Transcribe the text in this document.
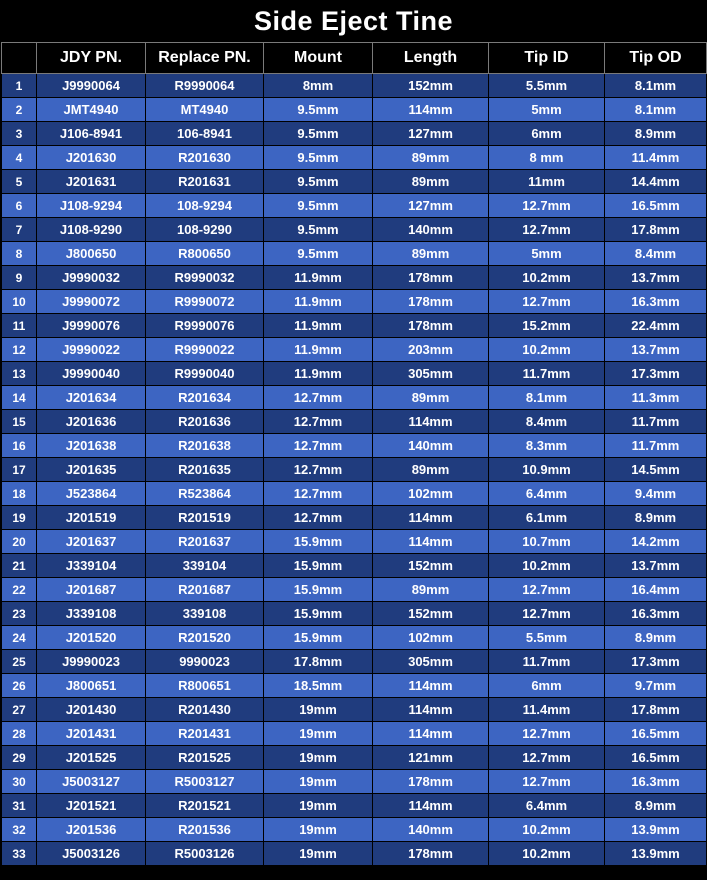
Side Eject Tine
	JDY PN.	Replace PN.	Mount	Length	Tip ID	Tip OD
1	J9990064	R9990064	8mm	152mm	5.5mm	8.1mm
2	JMT4940	MT4940	9.5mm	114mm	5mm	8.1mm
3	J106-8941	106-8941	9.5mm	127mm	6mm	8.9mm
4	J201630	R201630	9.5mm	89mm	8 mm	11.4mm
5	J201631	R201631	9.5mm	89mm	11mm	14.4mm
6	J108-9294	108-9294	9.5mm	127mm	12.7mm	16.5mm
7	J108-9290	108-9290	9.5mm	140mm	12.7mm	17.8mm
8	J800650	R800650	9.5mm	89mm	5mm	8.4mm
9	J9990032	R9990032	11.9mm	178mm	10.2mm	13.7mm
10	J9990072	R9990072	11.9mm	178mm	12.7mm	16.3mm
11	J9990076	R9990076	11.9mm	178mm	15.2mm	22.4mm
12	J9990022	R9990022	11.9mm	203mm	10.2mm	13.7mm
13	J9990040	R9990040	11.9mm	305mm	11.7mm	17.3mm
14	J201634	R201634	12.7mm	89mm	8.1mm	11.3mm
15	J201636	R201636	12.7mm	114mm	8.4mm	11.7mm
16	J201638	R201638	12.7mm	140mm	8.3mm	11.7mm
17	J201635	R201635	12.7mm	89mm	10.9mm	14.5mm
18	J523864	R523864	12.7mm	102mm	6.4mm	9.4mm
19	J201519	R201519	12.7mm	114mm	6.1mm	8.9mm
20	J201637	R201637	15.9mm	114mm	10.7mm	14.2mm
21	J339104	339104	15.9mm	152mm	10.2mm	13.7mm
22	J201687	R201687	15.9mm	89mm	12.7mm	16.4mm
23	J339108	339108	15.9mm	152mm	12.7mm	16.3mm
24	J201520	R201520	15.9mm	102mm	5.5mm	8.9mm
25	J9990023	9990023	17.8mm	305mm	11.7mm	17.3mm
26	J800651	R800651	18.5mm	114mm	6mm	9.7mm
27	J201430	R201430	19mm	114mm	11.4mm	17.8mm
28	J201431	R201431	19mm	114mm	12.7mm	16.5mm
29	J201525	R201525	19mm	121mm	12.7mm	16.5mm
30	J5003127	R5003127	19mm	178mm	12.7mm	16.3mm
31	J201521	R201521	19mm	114mm	6.4mm	8.9mm
32	J201536	R201536	19mm	140mm	10.2mm	13.9mm
33	J5003126	R5003126	19mm	178mm	10.2mm	13.9mm
